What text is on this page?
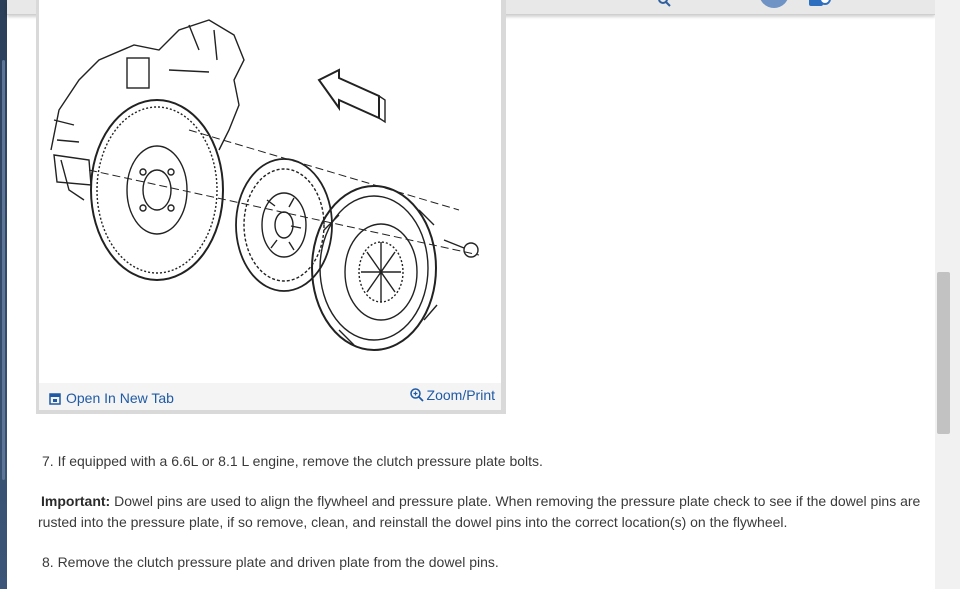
Open In New Tab	Zoom/Print
7. If equipped with a 6.6L or 8.1 L engine, remove the clutch pressure plate bolts.
Important: Dowel pins are used to align the flywheel and pressure plate. When removing the pressure plate check to see if the dowel pins are rusted into the pressure plate, if so remove, clean, and reinstall the dowel pins into the correct location(s) on the flywheel.
8. Remove the clutch pressure plate and driven plate from the dowel pins.
